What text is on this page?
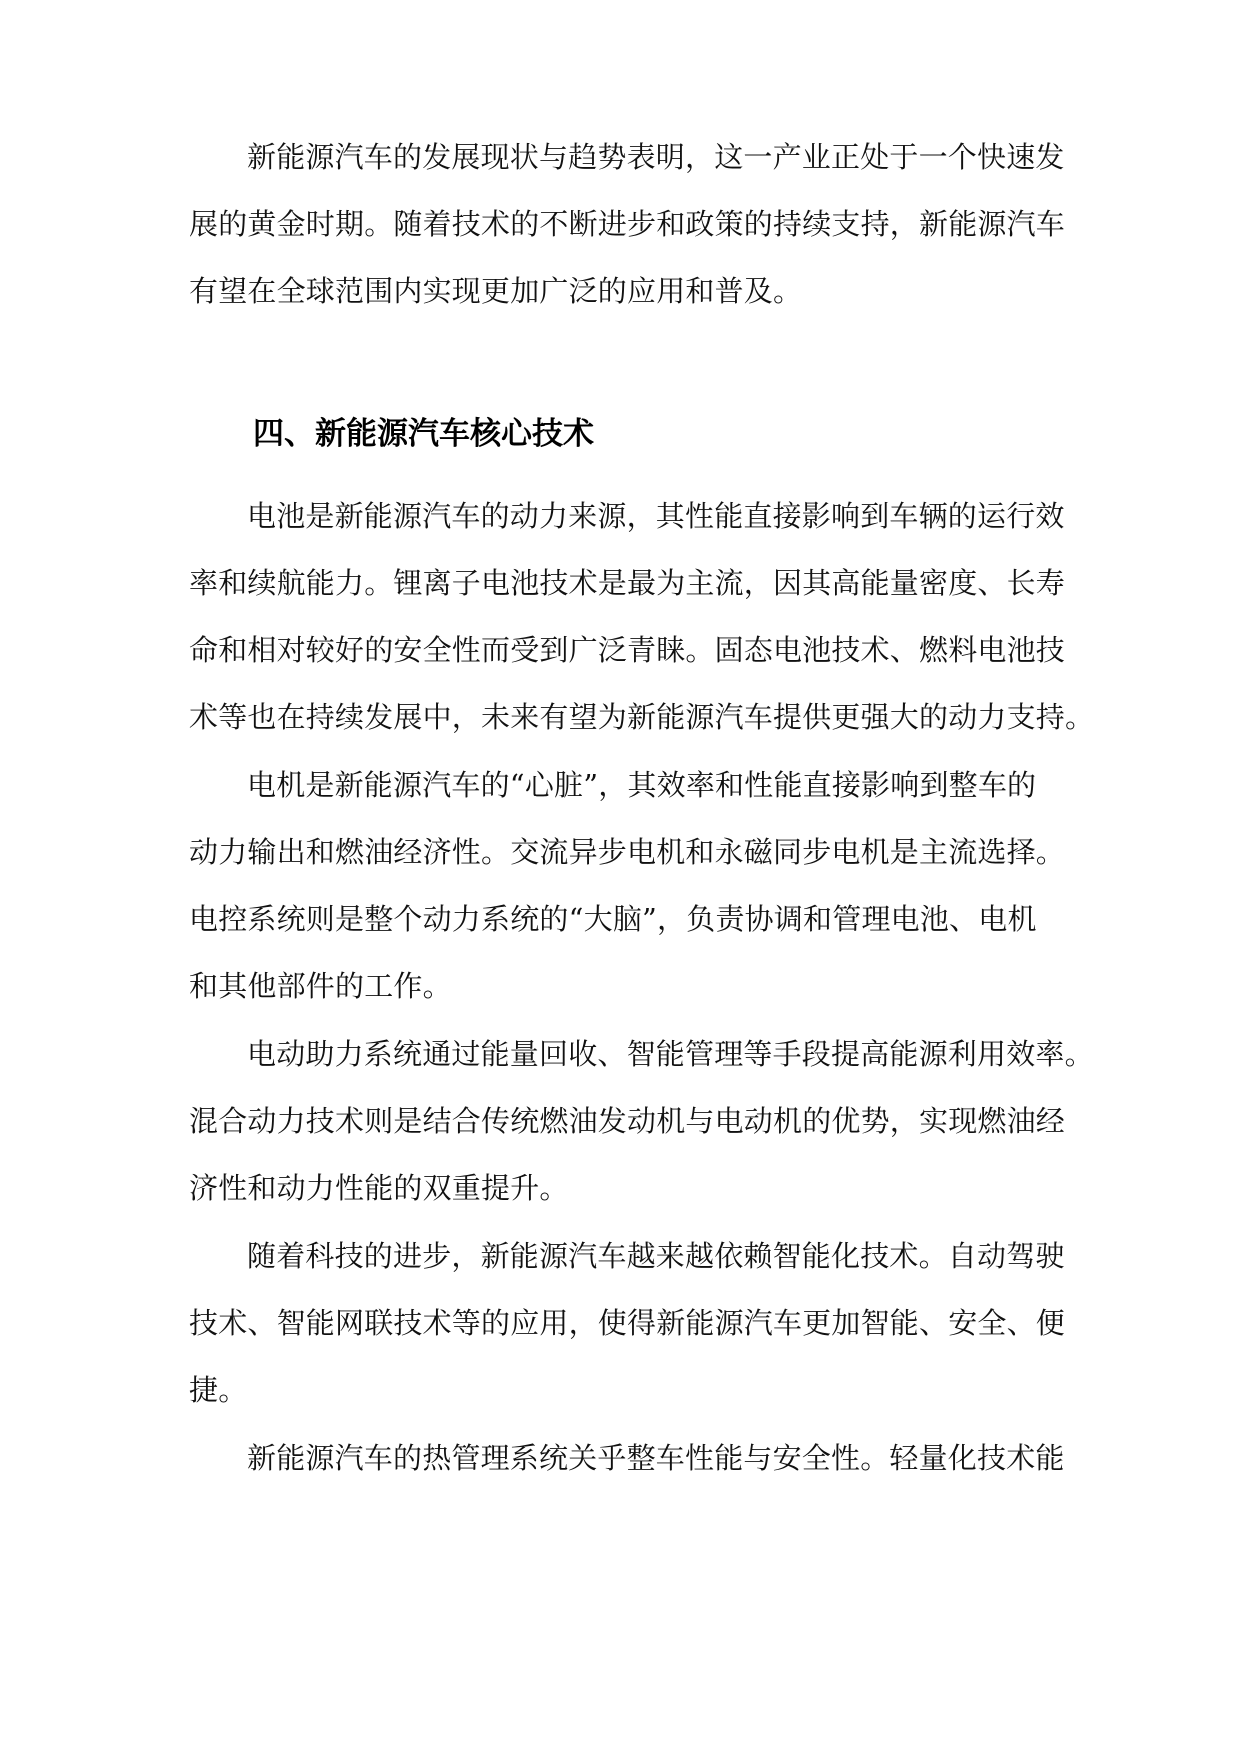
新能源汽车的发展现状与趋势表明，这一产业正处于一个快速发
展的黄金时期。随着技术的不断进步和政策的持续支持，新能源汽车
有望在全球范围内实现更加广泛的应用和普及。
四、新能源汽车核心技术
电池是新能源汽车的动力来源，其性能直接影响到车辆的运行效
率和续航能力。锂离子电池技术是最为主流，因其高能量密度、长寿
命和相对较好的安全性而受到广泛青睐。固态电池技术、燃料电池技
术等也在持续发展中，未来有望为新能源汽车提供更强大的动力支持。
电机是新能源汽车的“心脏”，其效率和性能直接影响到整车的
动力输出和燃油经济性。交流异步电机和永磁同步电机是主流选择。
电控系统则是整个动力系统的“大脑”，负责协调和管理电池、电机
和其他部件的工作。
电动助力系统通过能量回收、智能管理等手段提高能源利用效率。
混合动力技术则是结合传统燃油发动机与电动机的优势，实现燃油经
济性和动力性能的双重提升。
随着科技的进步，新能源汽车越来越依赖智能化技术。自动驾驶
技术、智能网联技术等的应用，使得新能源汽车更加智能、安全、便
捷。
新能源汽车的热管理系统关乎整车性能与安全性。轻量化技术能
